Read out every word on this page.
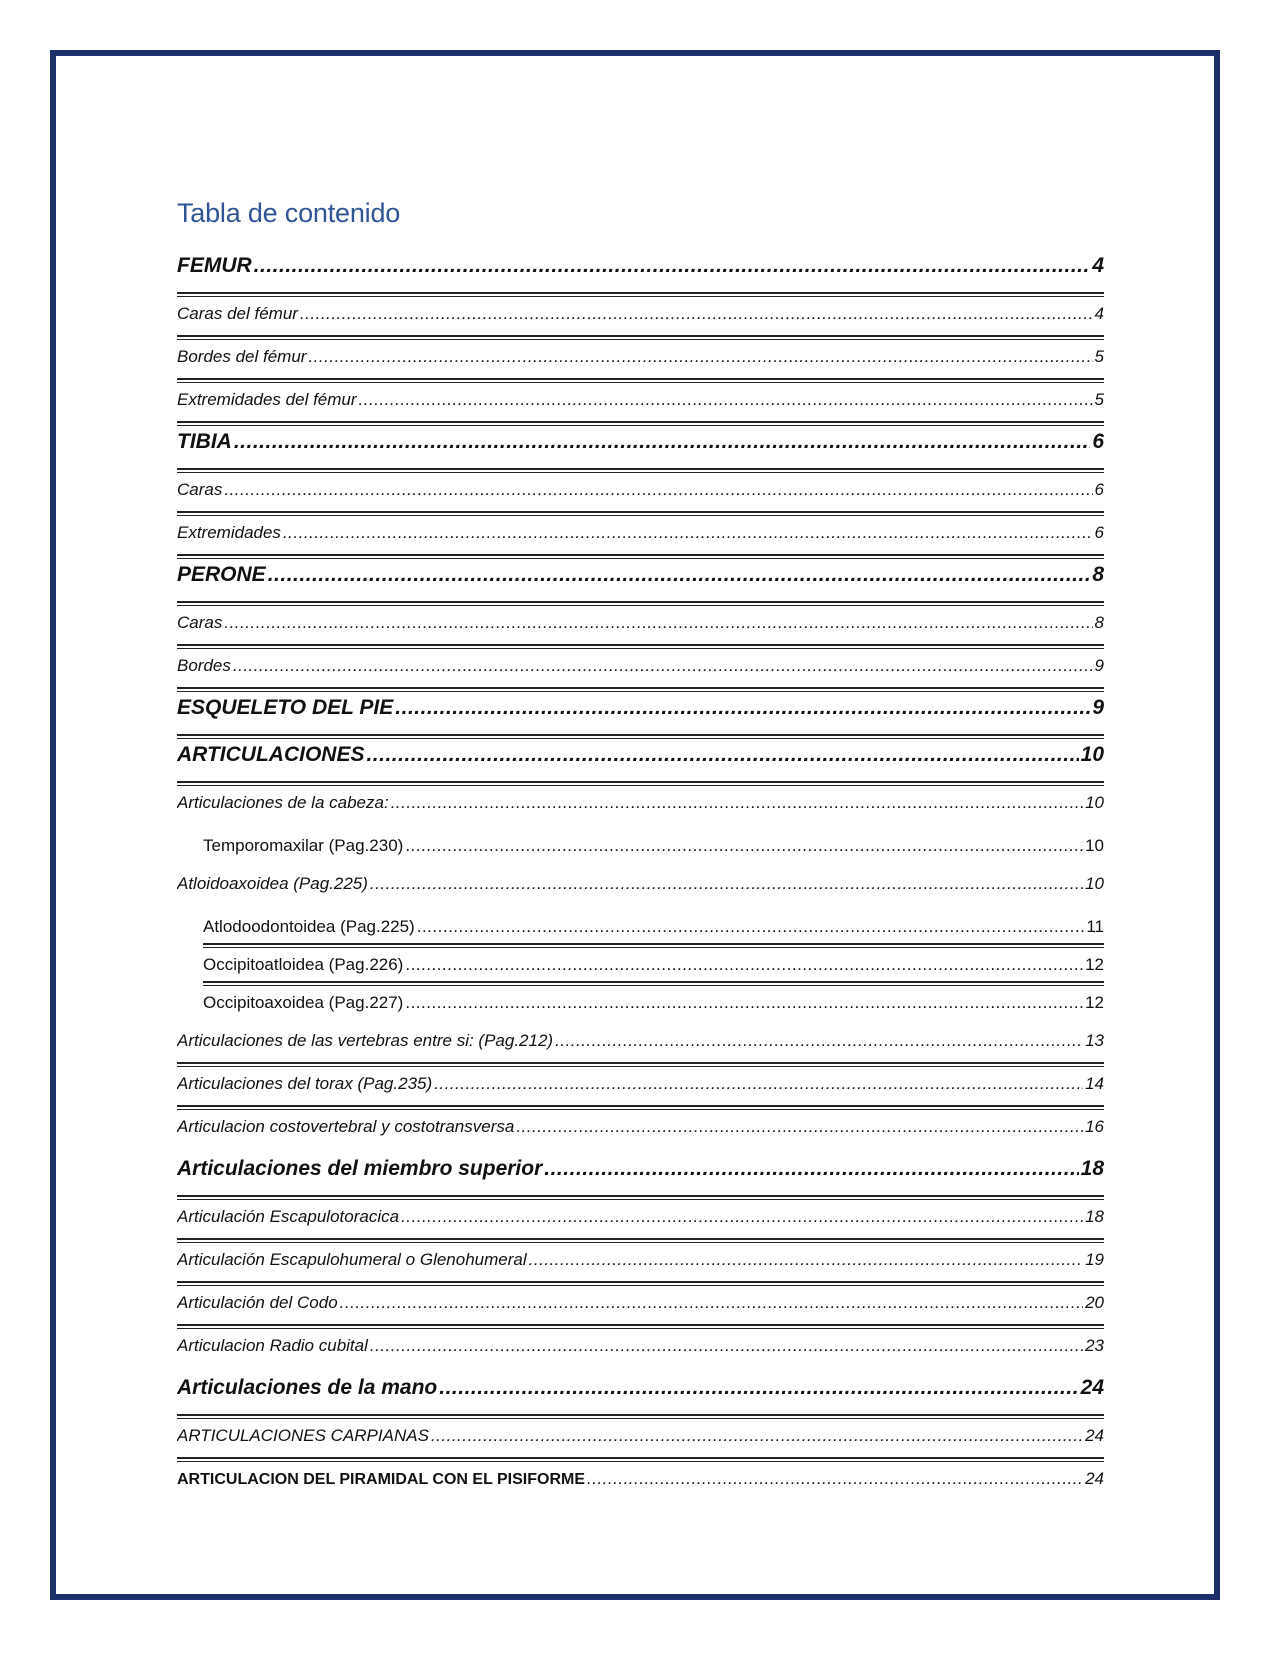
Tabla de contenido
FEMUR .....	4
Caras del fémur .....	4
Bordes del fémur .....	5
Extremidades del fémur .....	5
TIBIA .....	6
Caras .....	6
Extremidades .....	6
PERONE .....	8
Caras .....	8
Bordes .....	9
ESQUELETO DEL PIE .....	9
ARTICULACIONES .....	10
Articulaciones de la cabeza: .....	10
Temporomaxilar (Pag.230) .....	10
Atloidoaxoidea (Pag.225) .....	10
Atlodoodontoidea (Pag.225) .....	11
Occipitoatloidea (Pag.226) .....	12
Occipitoaxoidea (Pag.227) .....	12
Articulaciones de las vertebras entre si: (Pag.212) .....	13
Articulaciones del torax (Pag.235) .....	14
Articulacion costovertebral y costotransversa .....	16
Articulaciones del miembro superior .....	18
Articulación Escapulotoracica .....	18
Articulación Escapulohumeral o Glenohumeral .....	19
Articulación del Codo .....	20
Articulacion Radio cubital .....	23
Articulaciones de la mano .....	24
ARTICULACIONES CARPIANAS .....	24
ARTICULACION DEL PIRAMIDAL CON EL PISIFORME .....	24
